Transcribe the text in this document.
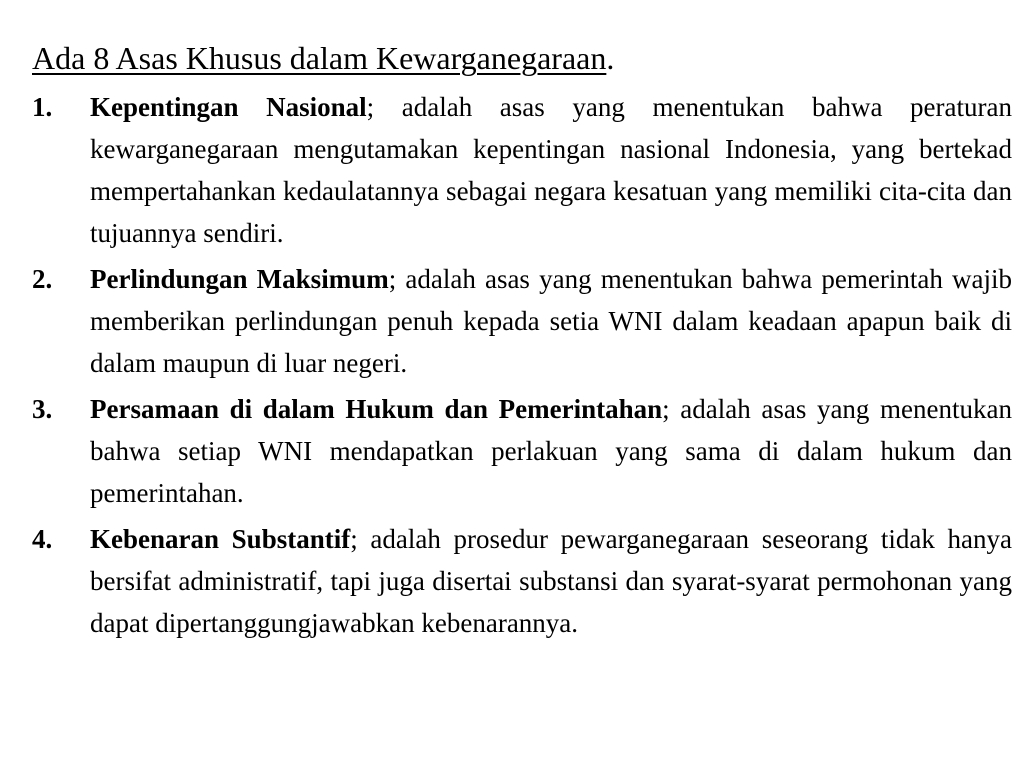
Ada 8 Asas Khusus dalam Kewarganegaraan.
1. Kepentingan Nasional; adalah asas yang menentukan bahwa peraturan kewarganegaraan mengutamakan kepentingan nasional Indonesia, yang bertekad mempertahankan kedaulatannya sebagai negara kesatuan yang memiliki cita-cita dan tujuannya sendiri.
2. Perlindungan Maksimum; adalah asas yang menentukan bahwa pemerintah wajib memberikan perlindungan penuh kepada setia WNI dalam keadaan apapun baik di dalam maupun di luar negeri.
3. Persamaan di dalam Hukum dan Pemerintahan; adalah asas yang menentukan bahwa setiap WNI mendapatkan perlakuan yang sama di dalam hukum dan pemerintahan.
4. Kebenaran Substantif; adalah prosedur pewarganegaraan seseorang tidak hanya bersifat administratif, tapi juga disertai substansi dan syarat-syarat permohonan yang dapat dipertanggungjawabkan kebenarannya.
